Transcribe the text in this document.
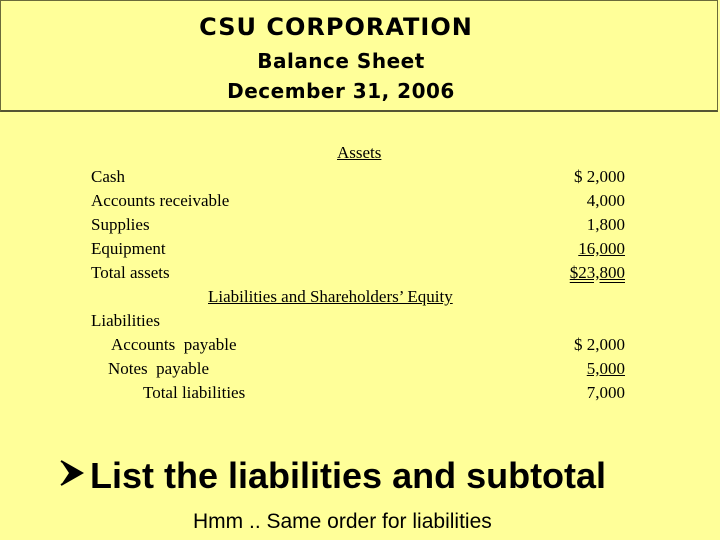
CSU CORPORATION
Balance Sheet
December 31, 2006
Assets
Cash	$ 2,000
Accounts receivable	4,000
Supplies	1,800
Equipment	16,000
Total assets	$23,800
Liabilities and Shareholders’ Equity
Liabilities
Accounts  payable	$ 2,000
Notes  payable	5,000
Total liabilities	7,000
List the liabilities and subtotal
Hmm .. Same order for liabilities
